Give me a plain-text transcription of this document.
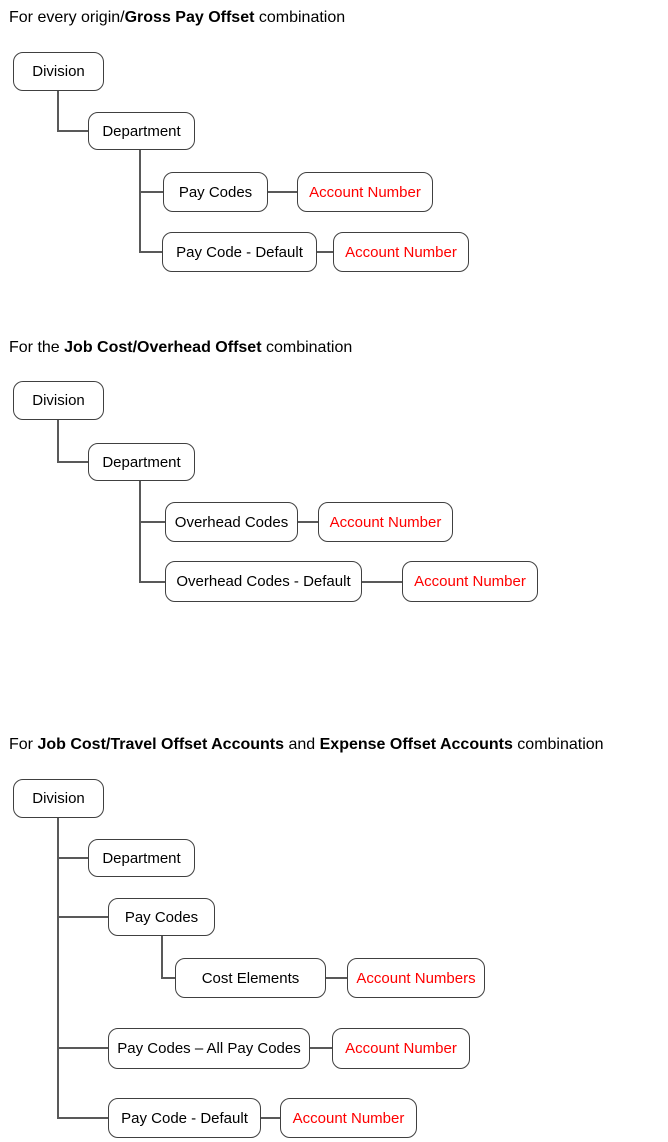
For every origin/Gross Pay Offset combination
Division
Department
Pay Codes	Account Number
Pay Code - Default	Account Number
For the Job Cost/Overhead Offset combination
Division
Department
Overhead Codes	Account Number
Overhead Codes - Default	Account Number
For Job Cost/Travel Offset Accounts and Expense Offset Accounts combination
Division
Department
Pay Codes
Cost Elements	Account Numbers
Pay Codes – All Pay Codes	Account Number
Pay Code - Default	Account Number
